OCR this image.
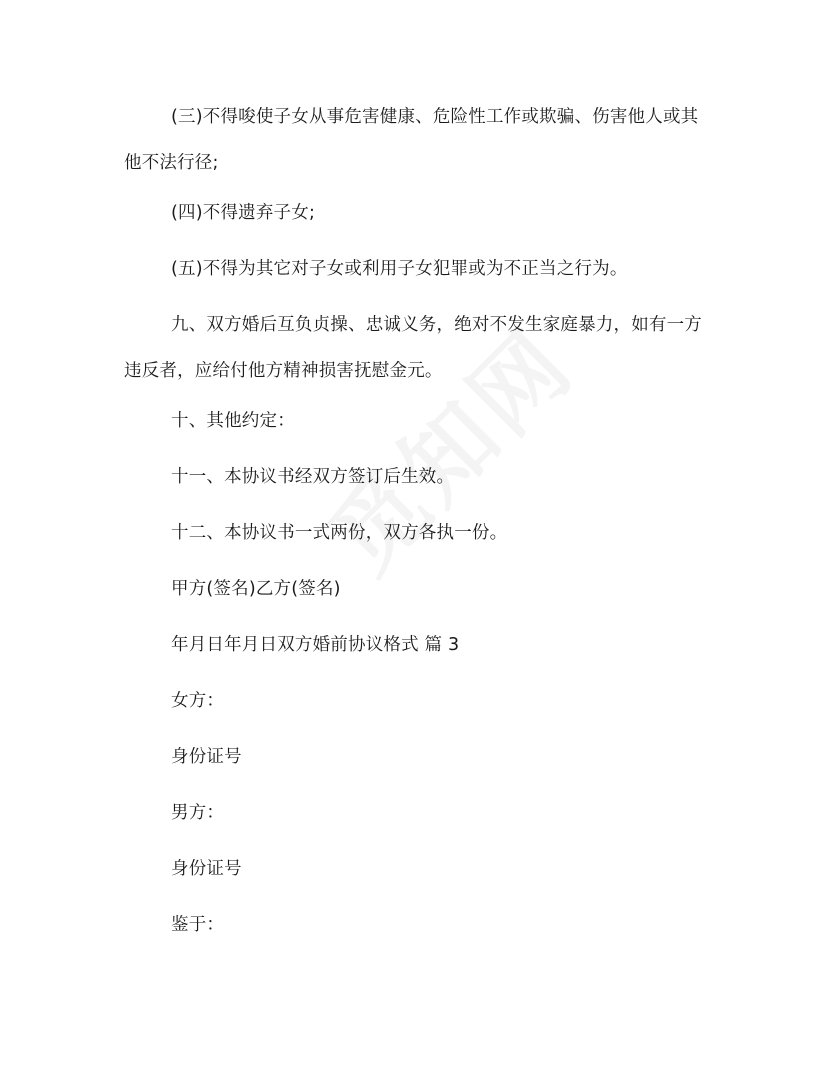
(三)不得唆使子女从事危害健康、危险性工作或欺骗、伤害他人或其他不法行径;

(四)不得遗弃子女;

(五)不得为其它对子女或利用子女犯罪或为不正当之行为。

九、双方婚后互负贞操、忠诚义务，绝对不发生家庭暴力，如有一方违反者，应给付他方精神损害抚慰金元。

十、其他约定：

十一、本协议书经双方签订后生效。

十二、本协议书一式两份，双方各执一份。

甲方(签名)乙方(签名)

年月日年月日双方婚前协议格式 篇 3

女方：

身份证号

男方：

身份证号

鉴于：
